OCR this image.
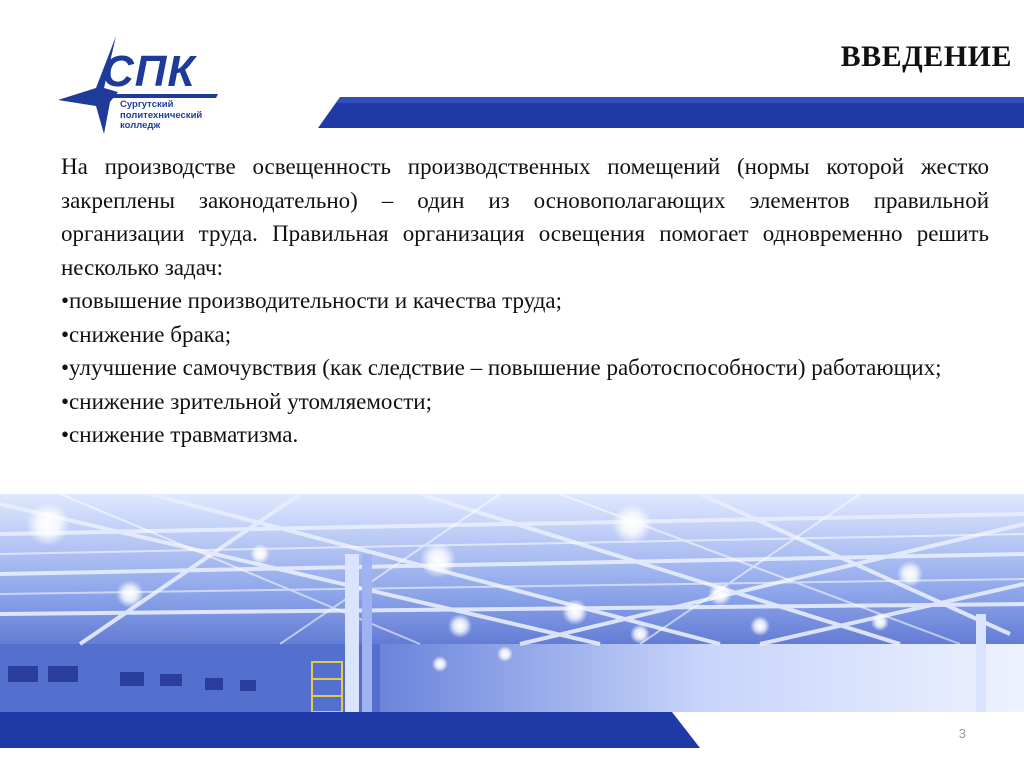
СПК
Сургутский
политехнический
колледж
ВВЕДЕНИЕ
На производстве освещенность производственных помещений (нормы которой жестко закреплены законодательно) – один из основополагающих элементов правильной организации труда. Правильная организация освещения помогает одновременно решить несколько задач:
•повышение производительности и качества труда;
•снижение брака;
•улучшение самочувствия (как следствие – повышение работоспособности) работающих;
•снижение зрительной утомляемости;
•снижение травматизма.
3
